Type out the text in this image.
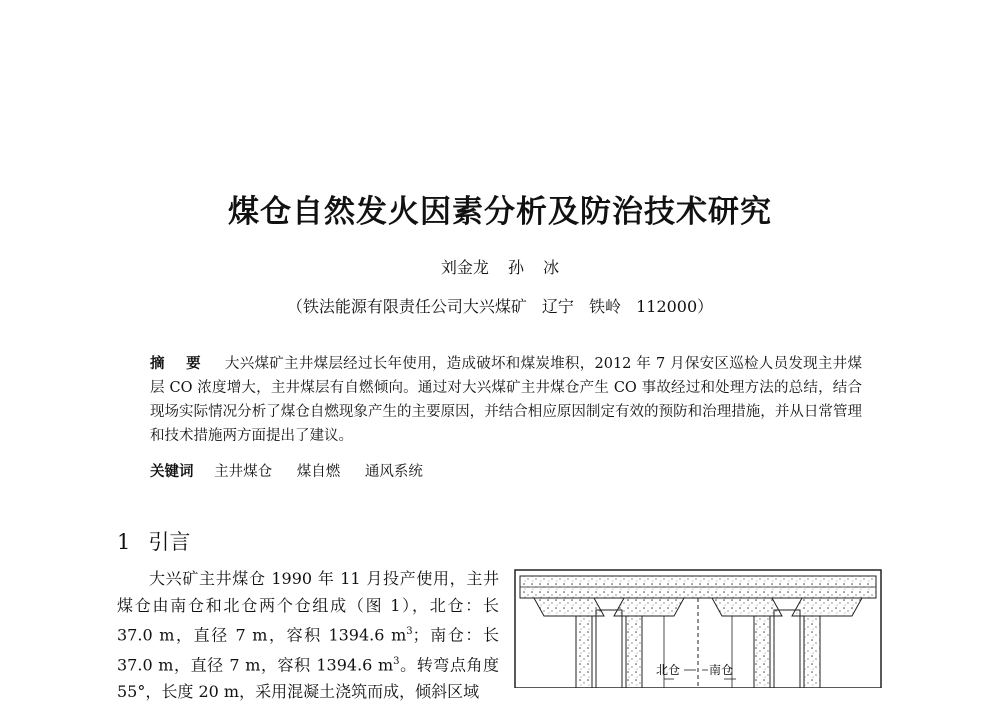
煤仓自然发火因素分析及防治技术研究
刘金龙 孙 冰
（铁法能源有限责任公司大兴煤矿 辽宁 铁岭 112000）
摘 要 大兴煤矿主井煤层经过长年使用，造成破坏和煤炭堆积，2012 年 7 月保安区巡检人员发现主井煤层 CO 浓度增大，主井煤层有自燃倾向。通过对大兴煤矿主井煤仓产生 CO 事故经过和处理方法的总结，结合现场实际情况分析了煤仓自燃现象产生的主要原因，并结合相应原因制定有效的预防和治理措施，并从日常管理和技术措施两方面提出了建议。
关键词 主井煤仓 煤自燃 通风系统
1 引言
大兴矿主井煤仓 1990 年 11 月投产使用，主井煤仓由南仓和北仓两个仓组成（图 1），北仓：长 37.0 m，直径 7 m，容积 1394.6 $m^3$；南仓：长 37.0 m，直径 7 m，容积 1394.6 $m^3$。转弯点角度 55°，长度 20 m，采用混凝土浇筑而成，倾斜区域
北仓 南仓
